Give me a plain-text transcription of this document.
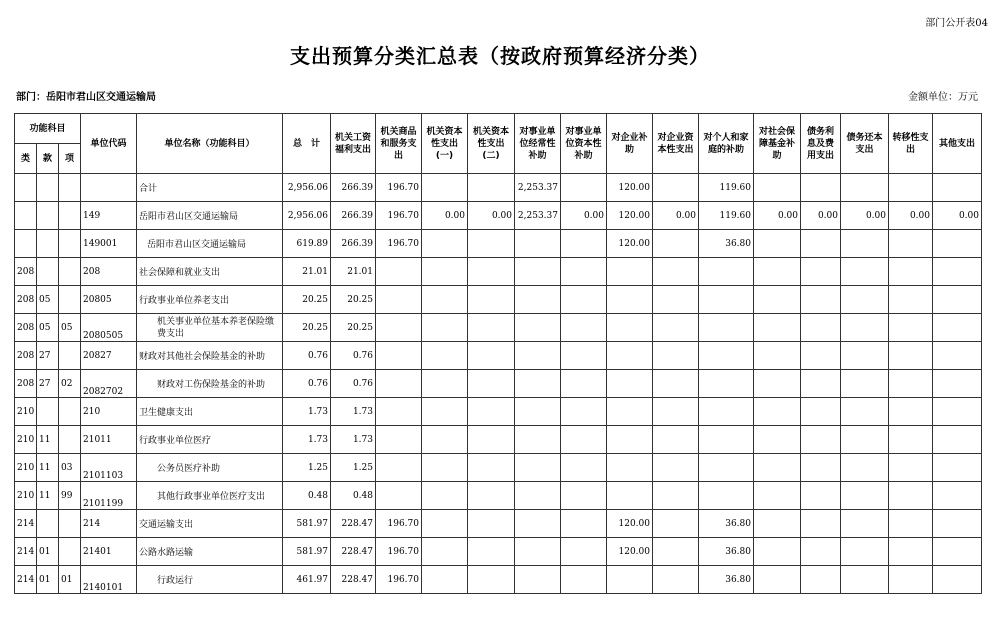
部门公开表04
支出预算分类汇总表（按政府预算经济分类）
部门：岳阳市君山区交通运输局	金额单位：万元
功能科目			单位代码	单位名称（功能科目）	总　计	机关工资福利支出	机关商品和服务支出	机关资本性支出(一)	机关资本性支出(二)	对事业单位经常性补助	对事业单位资本性补助	对企业补助	对企业资本性支出	对个人和家庭的补助	对社会保障基金补助	债务利息及费用支出	债务还本支出	转移性支出	其他支出
类	款	项																	
				合计	2,956.06	266.39	196.70			2,253.37		120.00		119.60					
			149	岳阳市君山区交通运输局	2,956.06	266.39	196.70	0.00	0.00	2,253.37	0.00	120.00	0.00	119.60	0.00	0.00	0.00	0.00	0.00
			149001	岳阳市君山区交通运输局	619.89	266.39	196.70					120.00		36.80					
208			208	社会保障和就业支出	21.01	21.01													
208	05		20805	行政事业单位养老支出	20.25	20.25													
208	05	05	2080505	机关事业单位基本养老保险缴费支出	20.25	20.25													
208	27		20827	财政对其他社会保险基金的补助	0.76	0.76													
208	27	02	2082702	财政对工伤保险基金的补助	0.76	0.76													
210			210	卫生健康支出	1.73	1.73													
210	11		21011	行政事业单位医疗	1.73	1.73													
210	11	03	2101103	公务员医疗补助	1.25	1.25													
210	11	99	2101199	其他行政事业单位医疗支出	0.48	0.48													
214			214	交通运输支出	581.97	228.47	196.70					120.00		36.80					
214	01		21401	公路水路运输	581.97	228.47	196.70					120.00		36.80					
214	01	01	2140101	行政运行	461.97	228.47	196.70							36.80					
